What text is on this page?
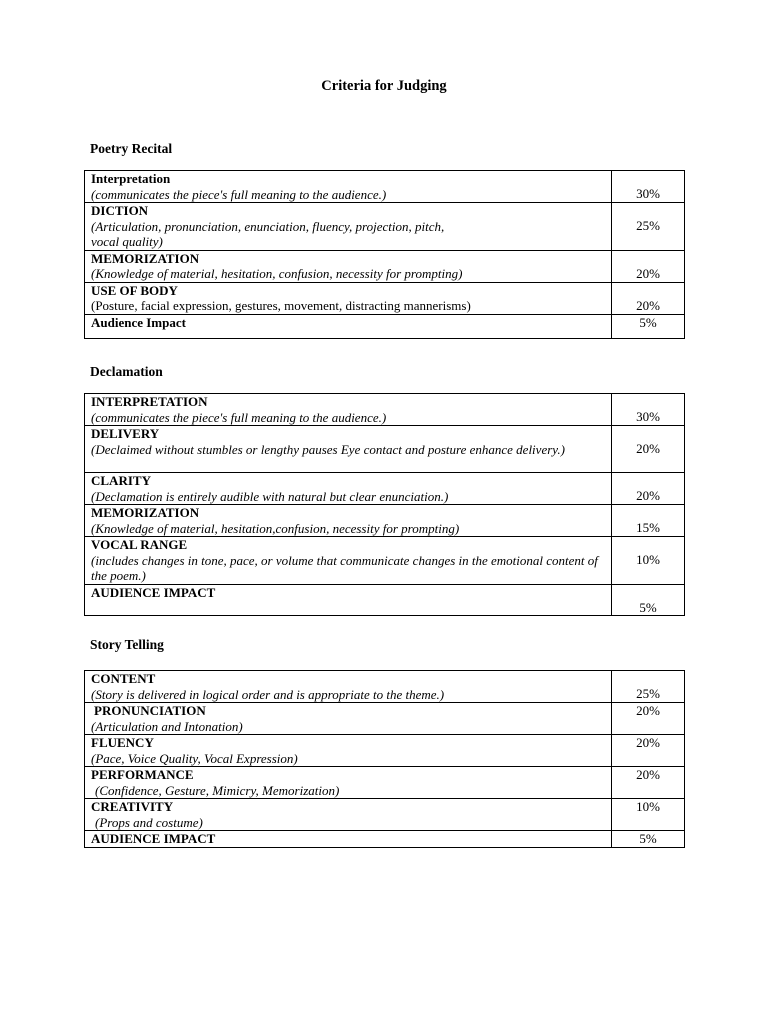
Criteria for Judging
Poetry Recital
Interpretation
(communicates the piece's full meaning to the audience.)	30%

DICTION
(Articulation, pronunciation, enunciation, fluency, projection, pitch, vocal quality)	25%

MEMORIZATION
(Knowledge of material, hesitation, confusion, necessity for prompting)	20%

USE OF BODY
(Posture, facial expression, gestures, movement, distracting mannerisms)	20%

Audience Impact	5%
Declamation
INTERPRETATION
(communicates the piece's full meaning to the audience.)	30%

DELIVERY
(Declaimed without stumbles or lengthy pauses Eye contact and posture enhance delivery.)	20%

CLARITY
(Declamation is entirely audible with natural but clear enunciation.)	20%

MEMORIZATION
(Knowledge of material, hesitation,confusion, necessity for prompting)	15%

VOCAL RANGE
(includes changes in tone, pace, or volume that communicate changes in the emotional content of the poem.)	10%

AUDIENCE IMPACT	5%
Story Telling
CONTENT
(Story is delivered in logical order and is appropriate to the theme.)	25%

PRONUNCIATION
(Articulation and Intonation)	20%

FLUENCY
(Pace, Voice Quality, Vocal Expression)	20%

PERFORMANCE
(Confidence, Gesture, Mimicry, Memorization)	20%

CREATIVITY
(Props and costume)	10%

AUDIENCE IMPACT	5%
